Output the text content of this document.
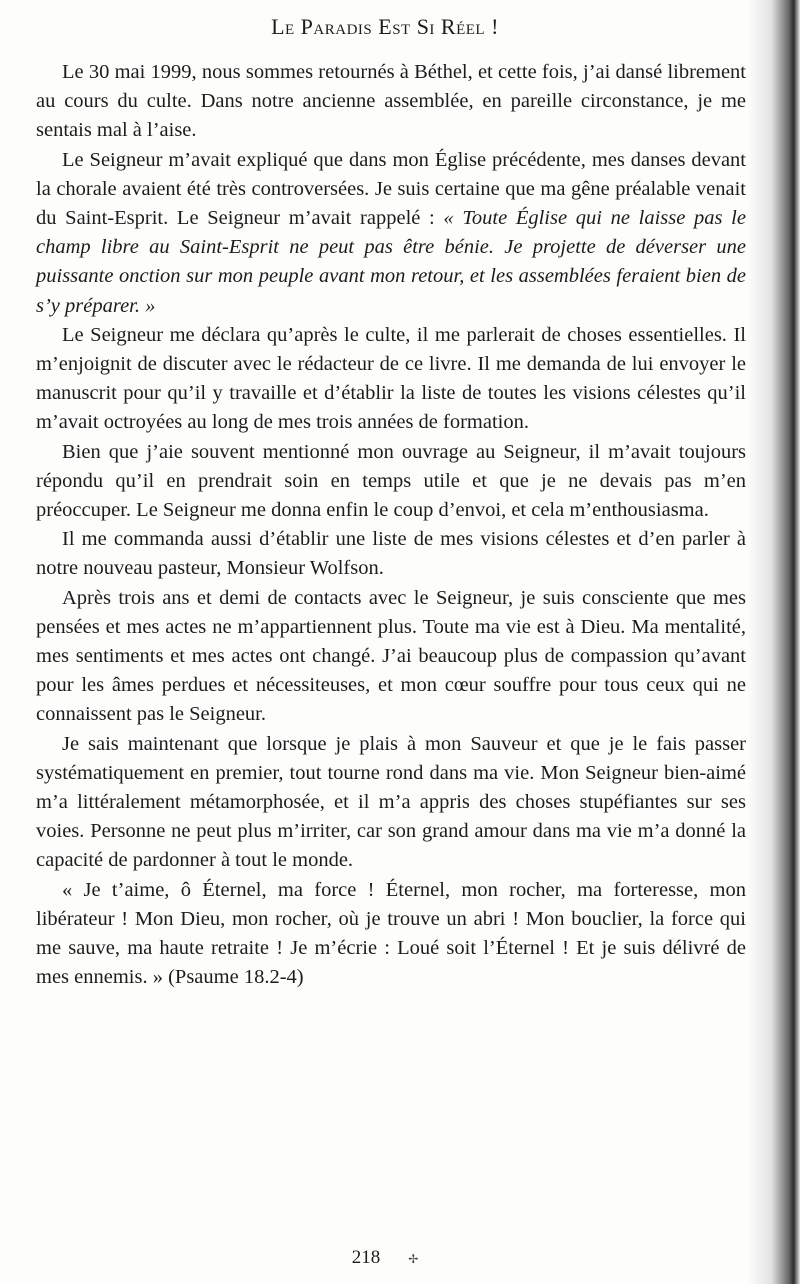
Le Paradis Est Si Réel !

Le 30 mai 1999, nous sommes retournés à Béthel, et cette fois, j’ai dansé librement au cours du culte. Dans notre ancienne assemblée, en pareille circonstance, je me sentais mal à l’aise.

Le Seigneur m’avait expliqué que dans mon Église précédente, mes danses devant la chorale avaient été très controversées. Je suis certaine que ma gêne préalable venait du Saint-Esprit. Le Seigneur m’avait rappelé : « Toute Église qui ne laisse pas le champ libre au Saint-Esprit ne peut pas être bénie. Je projette de déverser une puissante onction sur mon peuple avant mon retour, et les assemblées feraient bien de s’y préparer. »

Le Seigneur me déclara qu’après le culte, il me parlerait de choses essentielles. Il m’enjoignit de discuter avec le rédacteur de ce livre. Il me demanda de lui envoyer le manuscrit pour qu’il y travaille et d’établir la liste de toutes les visions célestes qu’il m’avait octroyées au long de mes trois années de formation.

Bien que j’aie souvent mentionné mon ouvrage au Seigneur, il m’avait toujours répondu qu’il en prendrait soin en temps utile et que je ne devais pas m’en préoccuper. Le Seigneur me donna enfin le coup d’envoi, et cela m’enthousiasma.

Il me commanda aussi d’établir une liste de mes visions célestes et d’en parler à notre nouveau pasteur, Monsieur Wolfson.

Après trois ans et demi de contacts avec le Seigneur, je suis consciente que mes pensées et mes actes ne m’appartiennent plus. Toute ma vie est à Dieu. Ma mentalité, mes sentiments et mes actes ont changé. J’ai beaucoup plus de compassion qu’avant pour les âmes perdues et nécessiteuses, et mon cœur souffre pour tous ceux qui ne connaissent pas le Seigneur.

Je sais maintenant que lorsque je plais à mon Sauveur et que je le fais passer systématiquement en premier, tout tourne rond dans ma vie. Mon Seigneur bien-aimé m’a littéralement métamorphosée, et il m’a appris des choses stupéfiantes sur ses voies. Personne ne peut plus m’irriter, car son grand amour dans ma vie m’a donné la capacité de pardonner à tout le monde.

« Je t’aime, ô Éternel, ma force ! Éternel, mon rocher, ma forteresse, mon libérateur ! Mon Dieu, mon rocher, où je trouve un abri ! Mon bouclier, la force qui me sauve, ma haute retraite ! Je m’écrie : Loué soit l’Éternel ! Et je suis délivré de mes ennemis. » (Psaume 18.2-4)

218 ✢
